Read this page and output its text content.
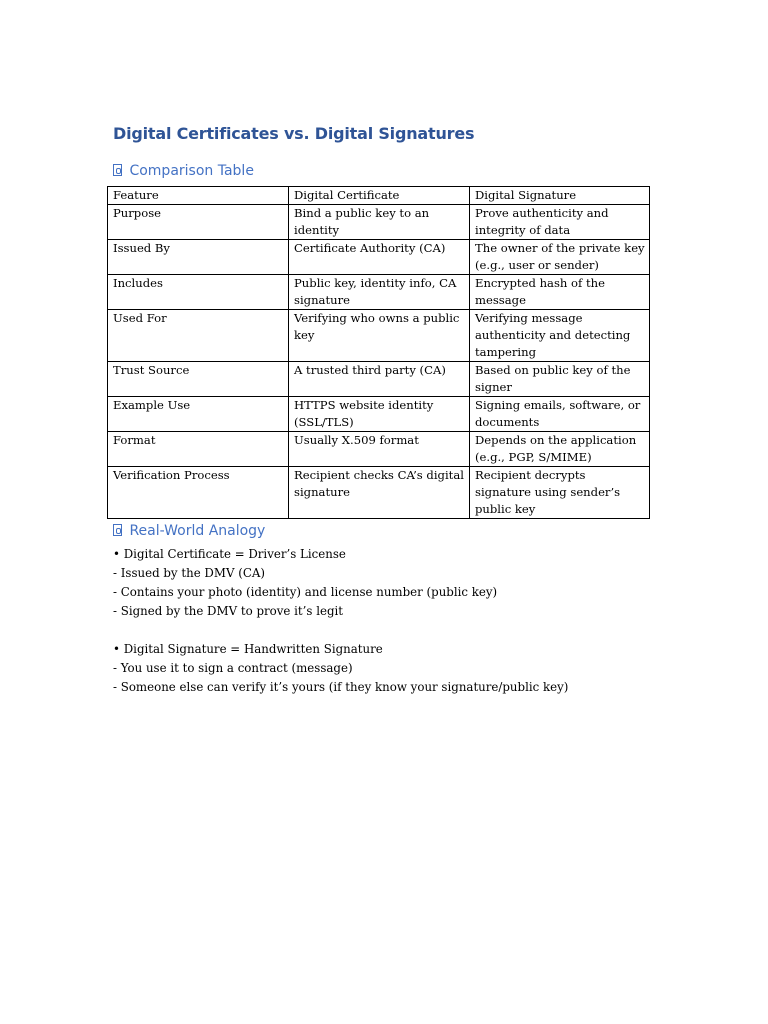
Digital Certificates vs. Digital Signatures
Comparison Table
Feature	Digital Certificate	Digital Signature
Purpose	Bind a public key to an identity	Prove authenticity and integrity of data
Issued By	Certificate Authority (CA)	The owner of the private key (e.g., user or sender)
Includes	Public key, identity info, CA signature	Encrypted hash of the message
Used For	Verifying who owns a public key	Verifying message authenticity and detecting tampering
Trust Source	A trusted third party (CA)	Based on public key of the signer
Example Use	HTTPS website identity (SSL/TLS)	Signing emails, software, or documents
Format	Usually X.509 format	Depends on the application (e.g., PGP, S/MIME)
Verification Process	Recipient checks CA’s digital signature	Recipient decrypts signature using sender’s public key
Real-World Analogy
• Digital Certificate = Driver’s License
- Issued by the DMV (CA)
- Contains your photo (identity) and license number (public key)
- Signed by the DMV to prove it’s legit
• Digital Signature = Handwritten Signature
- You use it to sign a contract (message)
- Someone else can verify it’s yours (if they know your signature/public key)
